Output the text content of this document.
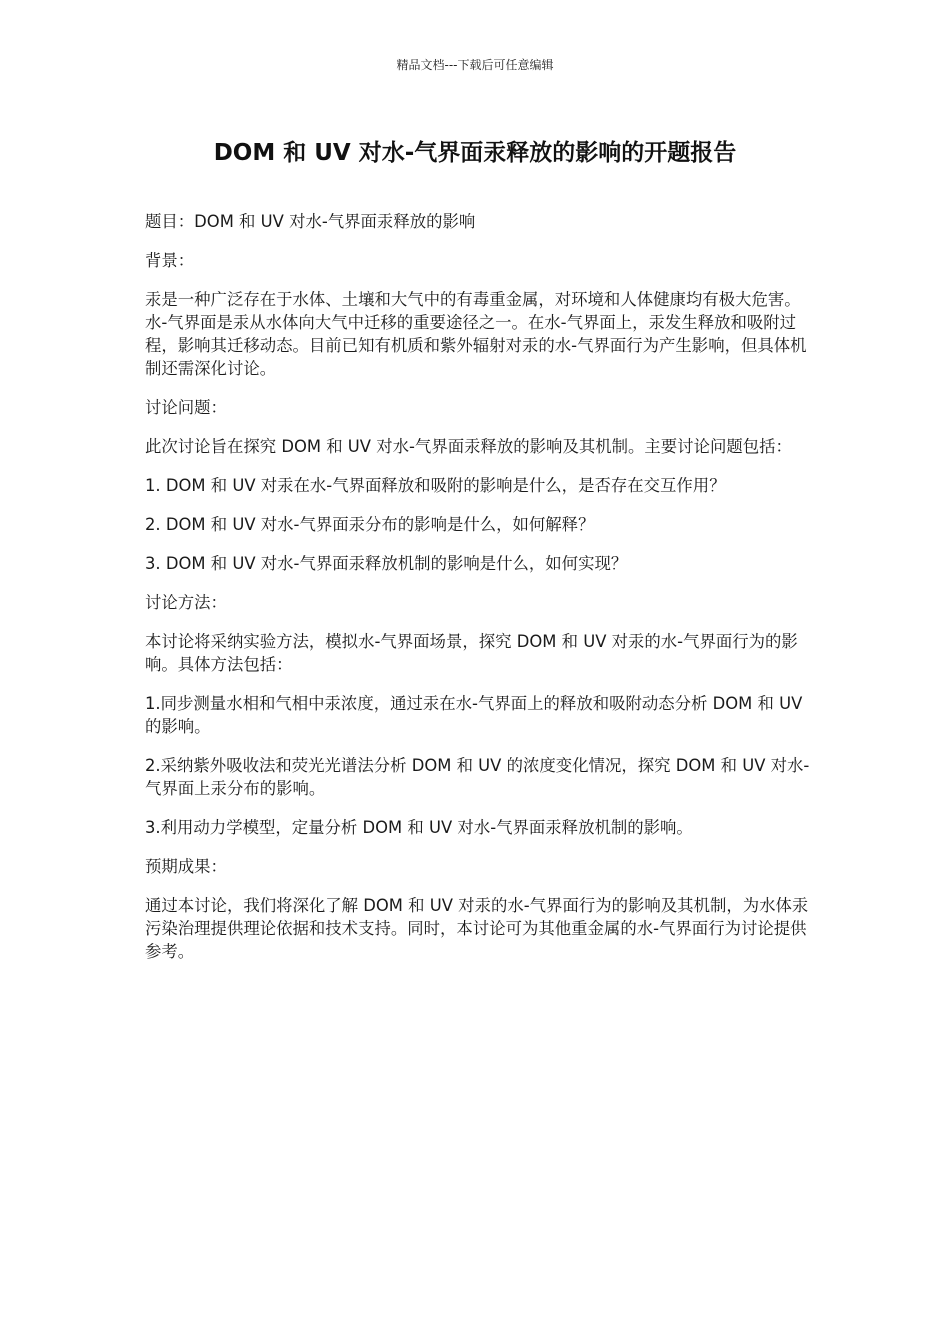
精品文档---下载后可任意编辑
DOM 和 UV 对水-气界面汞释放的影响的开题报告

题目：DOM 和 UV 对水-气界面汞释放的影响

背景：

汞是一种广泛存在于水体、土壤和大气中的有毒重金属，对环境和人体健康均有极大危害。水-气界面是汞从水体向大气中迁移的重要途径之一。在水-气界面上，汞发生释放和吸附过程，影响其迁移动态。目前已知有机质和紫外辐射对汞的水-气界面行为产生影响，但具体机制还需深化讨论。

讨论问题：

此次讨论旨在探究 DOM 和 UV 对水-气界面汞释放的影响及其机制。主要讨论问题包括：

1. DOM 和 UV 对汞在水-气界面释放和吸附的影响是什么，是否存在交互作用？

2. DOM 和 UV 对水-气界面汞分布的影响是什么，如何解释？

3. DOM 和 UV 对水-气界面汞释放机制的影响是什么，如何实现？

讨论方法：

本讨论将采纳实验方法，模拟水-气界面场景，探究 DOM 和 UV 对汞的水-气界面行为的影响。具体方法包括：

1.同步测量水相和气相中汞浓度，通过汞在水-气界面上的释放和吸附动态分析 DOM 和 UV 的影响。

2.采纳紫外吸收法和荧光光谱法分析 DOM 和 UV 的浓度变化情况，探究 DOM 和 UV 对水-气界面上汞分布的影响。

3.利用动力学模型，定量分析 DOM 和 UV 对水-气界面汞释放机制的影响。

预期成果：

通过本讨论，我们将深化了解 DOM 和 UV 对汞的水-气界面行为的影响及其机制，为水体汞污染治理提供理论依据和技术支持。同时，本讨论可为其他重金属的水-气界面行为讨论提供参考。
